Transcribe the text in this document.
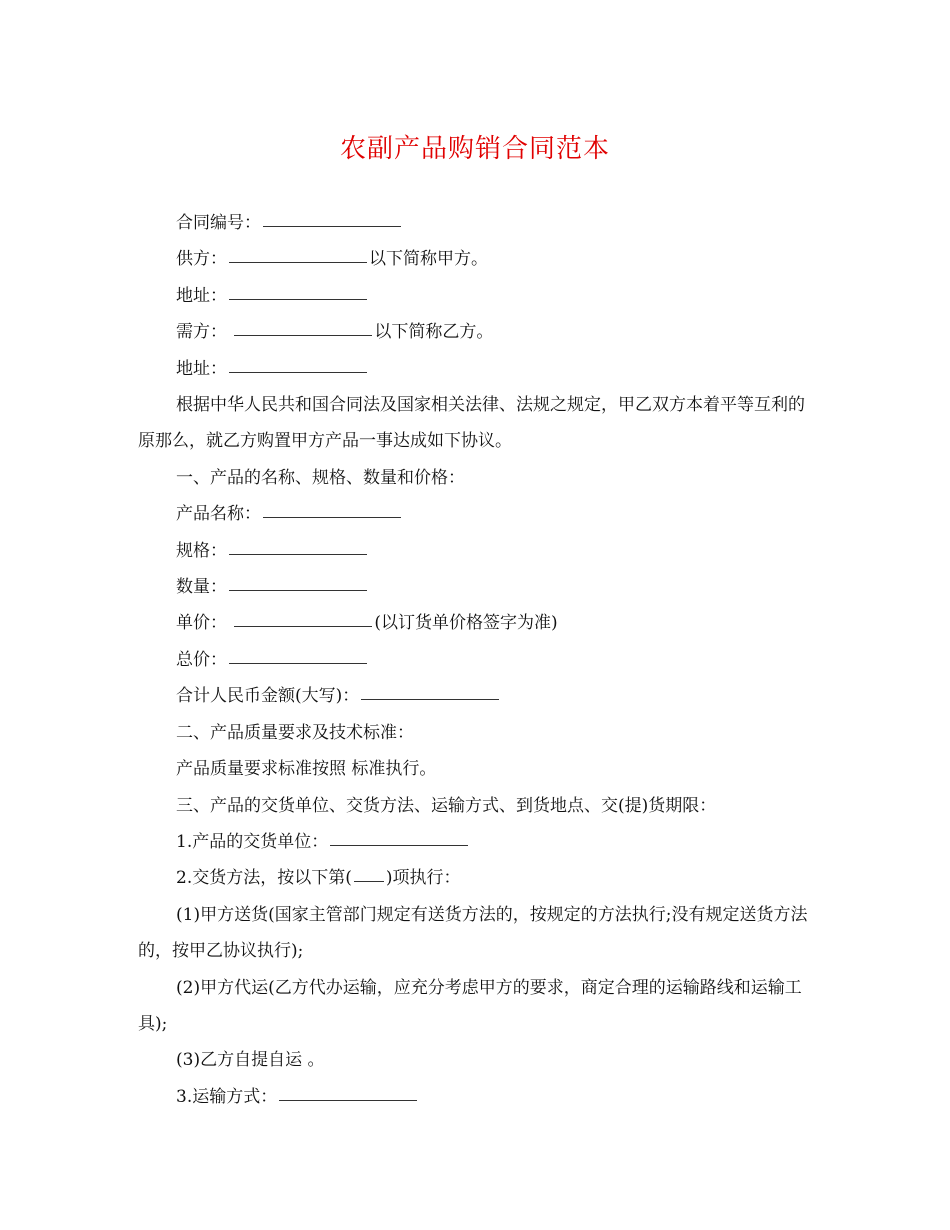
农副产品购销合同范本

合同编号：

供方：	以下简称甲方。

地址：

需方：	以下简称乙方。

地址：

根据中华人民共和国合同法及国家相关法律、法规之规定，甲乙双方本着平等互利的原那么，就乙方购置甲方产品一事达成如下协议。

一、产品的名称、规格、数量和价格：

产品名称：

规格：

数量：

单价：	(以订货单价格签字为准)

总价：

合计人民币金额(大写)：

二、产品质量要求及技术标准：

产品质量要求标准按照 标准执行。

三、产品的交货单位、交货方法、运输方式、到货地点、交(提)货期限：

1.产品的交货单位：

2.交货方法，按以下第( )项执行：

(1)甲方送货(国家主管部门规定有送货方法的，按规定的方法执行;没有规定送货方法的，按甲乙协议执行);

(2)甲方代运(乙方代办运输，应充分考虑甲方的要求，商定合理的运输路线和运输工具);

(3)乙方自提自运 。

3.运输方式：
